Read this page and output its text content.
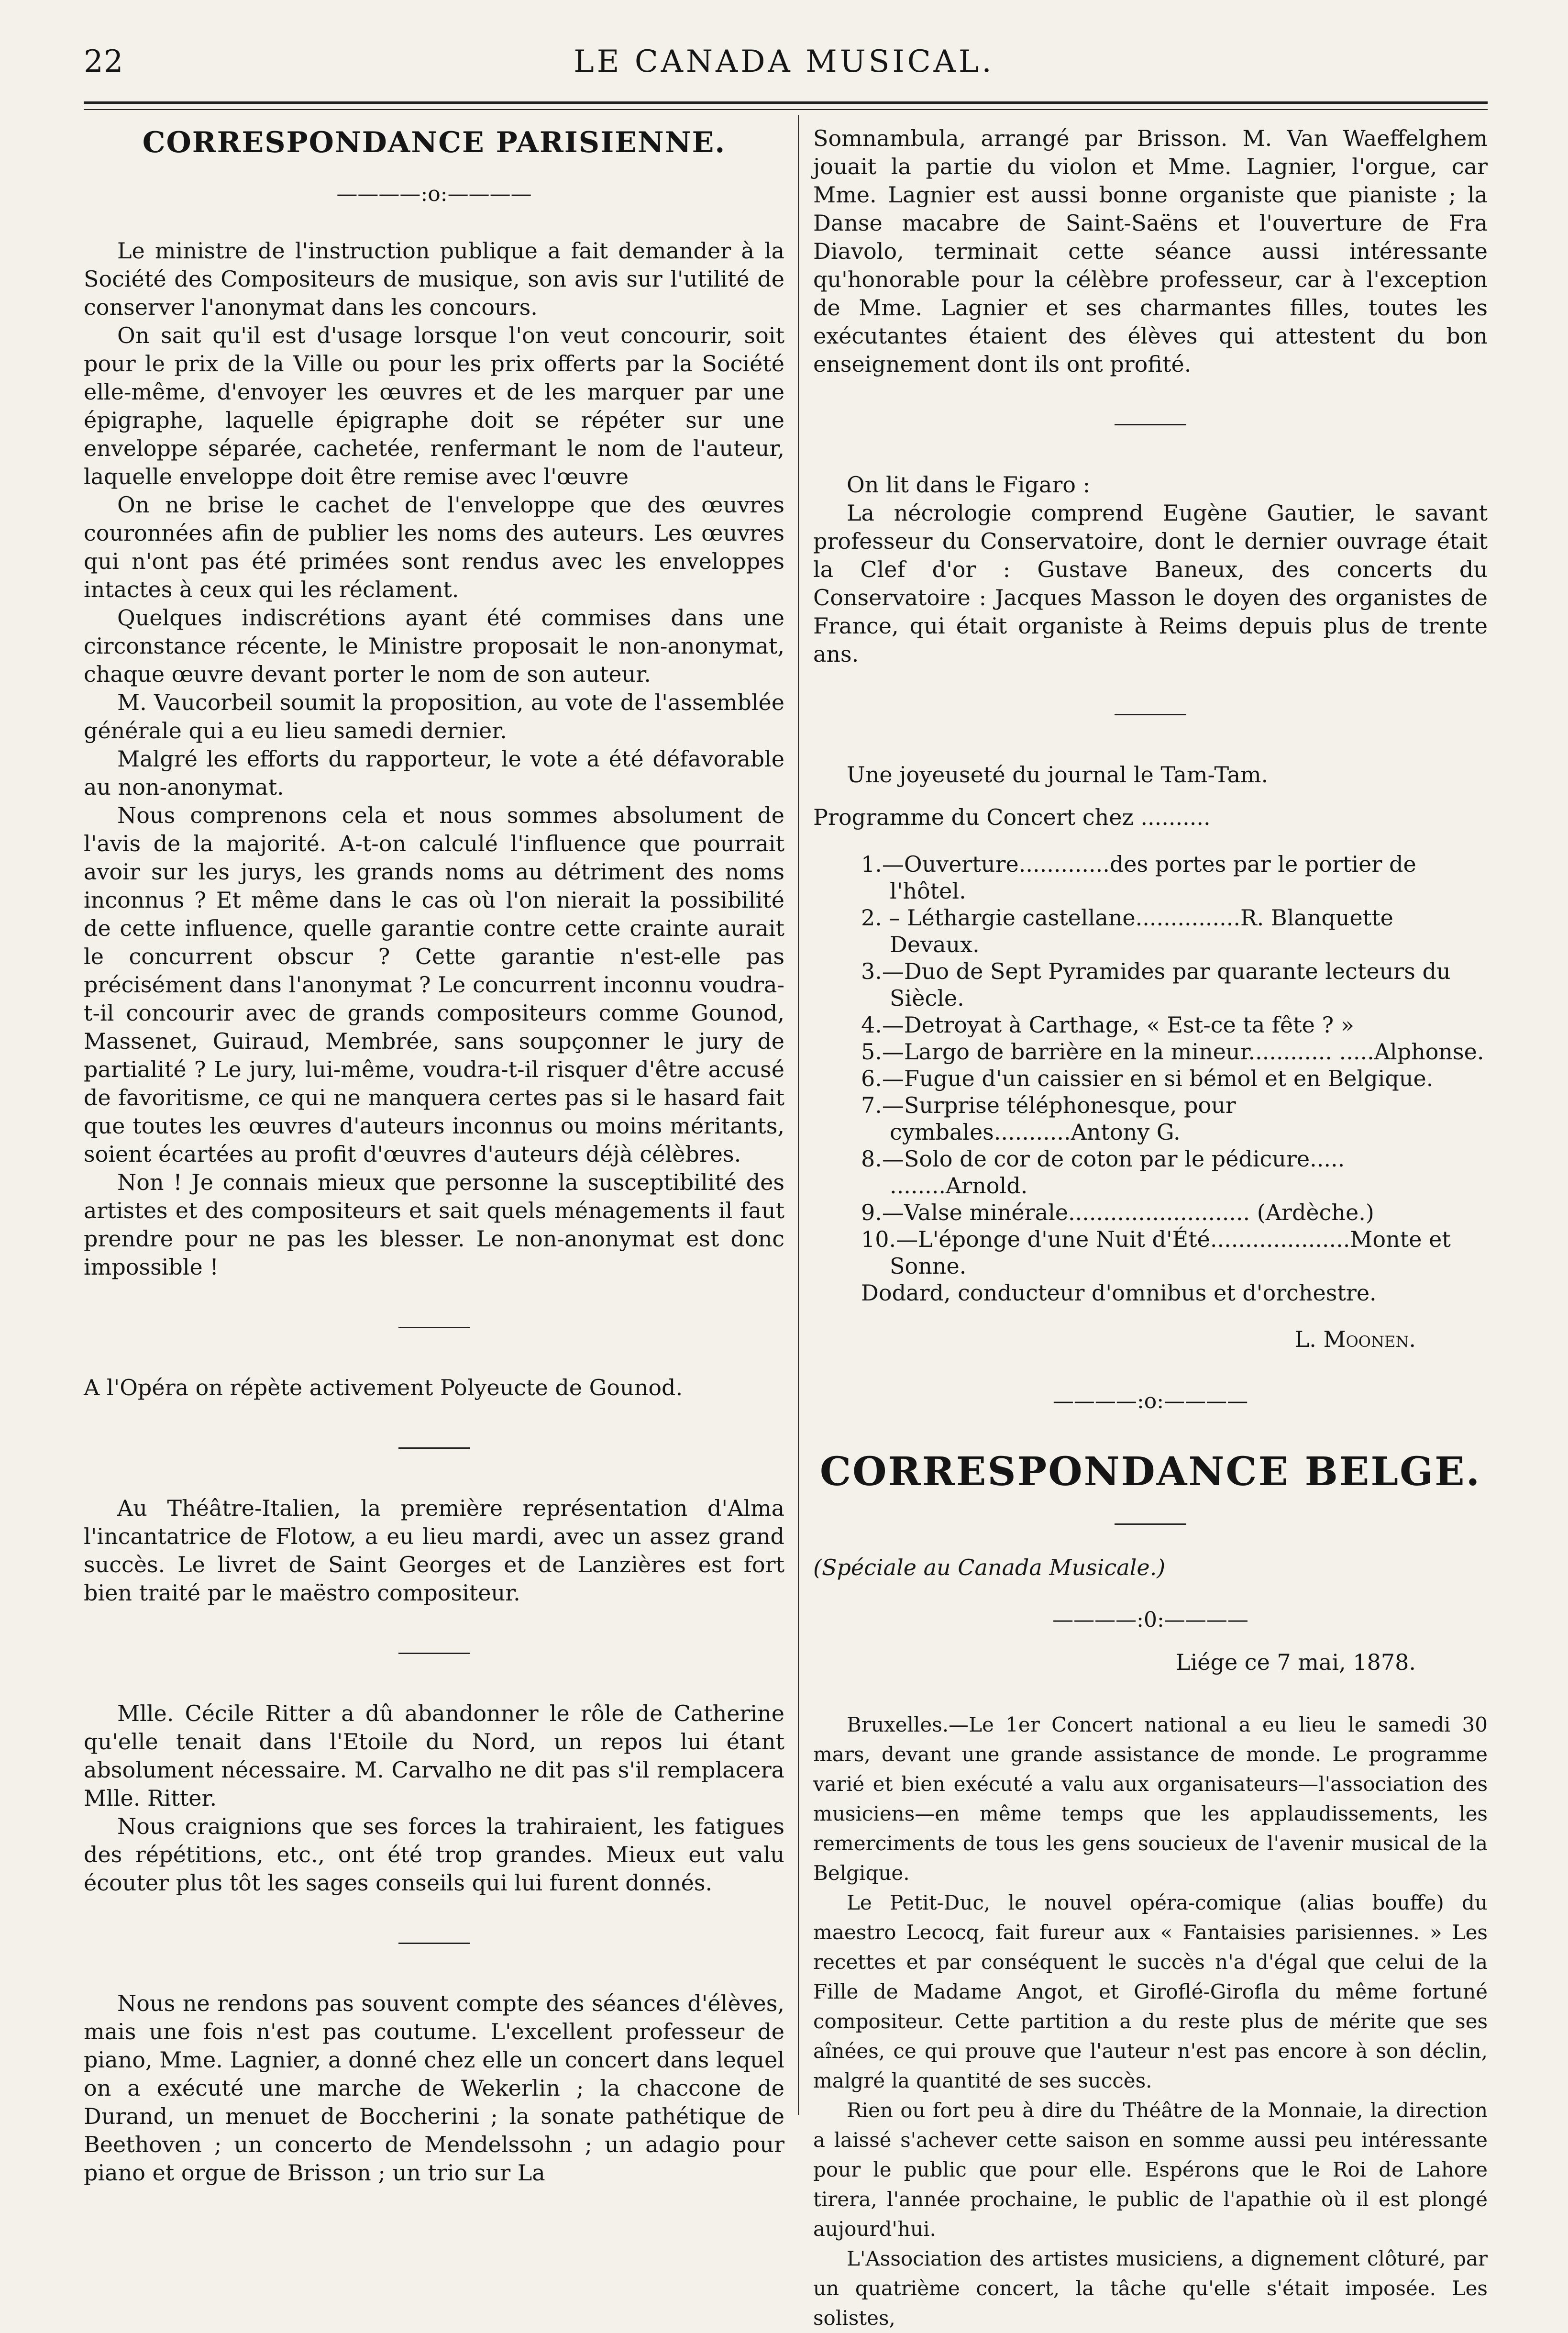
22	LE CANADA MUSICAL.
CORRESPONDANCE PARISIENNE.
————:o:————

Le ministre de l'instruction publique a fait demander à la Société des Compositeurs de musique, son avis sur l'utilité de conserver l'anonymat dans les concours.

On sait qu'il est d'usage lorsque l'on veut concourir, soit pour le prix de la Ville ou pour les prix offerts par la Société elle-même, d'envoyer les œuvres et de les marquer par une épigraphe, laquelle épigraphe doit se répéter sur une enveloppe séparée, cachetée, renfermant le nom de l'auteur, laquelle enveloppe doit être remise avec l'œuvre

On ne brise le cachet de l'enveloppe que des œuvres couronnées afin de publier les noms des auteurs. Les œuvres qui n'ont pas été primées sont rendus avec les enveloppes intactes à ceux qui les réclament.

Quelques indiscrétions ayant été commises dans une circonstance récente, le Ministre proposait le non-anonymat, chaque œuvre devant porter le nom de son auteur.

M. Vaucorbeil soumit la proposition, au vote de l'assemblée générale qui a eu lieu samedi dernier.

Malgré les efforts du rapporteur, le vote a été défavorable au non-anonymat.

Nous comprenons cela et nous sommes absolument de l'avis de la majorité. A-t-on calculé l'influence que pourrait avoir sur les jurys, les grands noms au détriment des noms inconnus ? Et même dans le cas où l'on nierait la possibilité de cette influence, quelle garantie contre cette crainte aurait le concurrent obscur ? Cette garantie n'est-elle pas précisément dans l'anonymat ? Le concurrent inconnu voudra-t-il concourir avec de grands compositeurs comme Gounod, Massenet, Guiraud, Membrée, sans soupçonner le jury de partialité ? Le jury, lui-même, voudra-t-il risquer d'être accusé de favoritisme, ce qui ne manquera certes pas si le hasard fait que toutes les œuvres d'auteurs inconnus ou moins méritants, soient écartées au profit d'œuvres d'auteurs déjà célèbres.

Non ! Je connais mieux que personne la susceptibilité des artistes et des compositeurs et sait quels ménagements il faut prendre pour ne pas les blesser. Le non-anonymat est donc impossible !

A l'Opéra on répète activement Polyeucte de Gounod.

Au Théâtre-Italien, la première représentation d'Alma l'incantatrice de Flotow, a eu lieu mardi, avec un assez grand succès. Le livret de Saint Georges et de Lanzières est fort bien traité par le maëstro compositeur.

Mlle. Cécile Ritter a dû abandonner le rôle de Catherine qu'elle tenait dans l'Etoile du Nord, un repos lui étant absolument nécessaire. M. Carvalho ne dit pas s'il remplacera Mlle. Ritter.

Nous craignions que ses forces la trahiraient, les fatigues des répétitions, etc., ont été trop grandes. Mieux eut valu écouter plus tôt les sages conseils qui lui furent donnés.

Nous ne rendons pas souvent compte des séances d'élèves, mais une fois n'est pas coutume. L'excellent professeur de piano, Mme. Lagnier, a donné chez elle un concert dans lequel on a exécuté une marche de Wekerlin ; la chaccone de Durand, un menuet de Boccherini ; la sonate pathétique de Beethoven ; un concerto de Mendelssohn ; un adagio pour piano et orgue de Brisson ; un trio sur La

Somnambula, arrangé par Brisson. M. Van Waeffelghem jouait la partie du violon et Mme. Lagnier, l'orgue, car Mme. Lagnier est aussi bonne organiste que pianiste ; la Danse macabre de Saint-Saëns et l'ouverture de Fra Diavolo, terminait cette séance aussi intéressante qu'honorable pour la célèbre professeur, car à l'exception de Mme. Lagnier et ses charmantes filles, toutes les exécutantes étaient des élèves qui attestent du bon enseignement dont ils ont profité.

On lit dans le Figaro :

La nécrologie comprend Eugène Gautier, le savant professeur du Conservatoire, dont le dernier ouvrage était la Clef d'or : Gustave Baneux, des concerts du Conservatoire : Jacques Masson le doyen des organistes de France, qui était organiste à Reims depuis plus de trente ans.

Une joyeuseté du journal le Tam-Tam.

Programme du Concert chez ..........

1.—Ouverture.............des portes par le portier de l'hôtel.
2. – Léthargie castellane...............R. Blanquette Devaux.
3.—Duo de Sept Pyramides par quarante lecteurs du Siècle.
4.—Detroyat à Carthage, « Est-ce ta fête ? »
5.—Largo de barrière en la mineur............ .....Alphonse.
6.—Fugue d'un caissier en si bémol et en Belgique.
7.—Surprise téléphonesque, pour cymbales...........Antony G.
8.—Solo de cor de coton par le pédicure..... ........Arnold.
9.—Valse minérale.......................... (Ardèche.)
10.—L'éponge d'une Nuit d'Été....................Monte et Sonne.
Dodard, conducteur d'omnibus et d'orchestre.
L. Moonen.
————:o:————
CORRESPONDANCE BELGE.

(Spéciale au Canada Musicale.)

————:0:————
Liége ce 7 mai, 1878.

Bruxelles.—Le 1er Concert national a eu lieu le samedi 30 mars, devant une grande assistance de monde. Le programme varié et bien exécuté a valu aux organisateurs—l'association des musiciens—en même temps que les applaudissements, les remerciments de tous les gens soucieux de l'avenir musical de la Belgique.

Le Petit-Duc, le nouvel opéra-comique (alias bouffe) du maestro Lecocq, fait fureur aux « Fantaisies parisiennes. » Les recettes et par conséquent le succès n'a d'égal que celui de la Fille de Madame Angot, et Giroflé-Girofla du même fortuné compositeur. Cette partition a du reste plus de mérite que ses aînées, ce qui prouve que l'auteur n'est pas encore à son déclin, malgré la quantité de ses succès.

Rien ou fort peu à dire du Théâtre de la Monnaie, la direction a laissé s'achever cette saison en somme aussi peu intéressante pour le public que pour elle. Espérons que le Roi de Lahore tirera, l'année prochaine, le public de l'apathie où il est plongé aujourd'hui.

L'Association des artistes musiciens, a dignement clôturé, par un quatrième concert, la tâche qu'elle s'était imposée. Les solistes,
